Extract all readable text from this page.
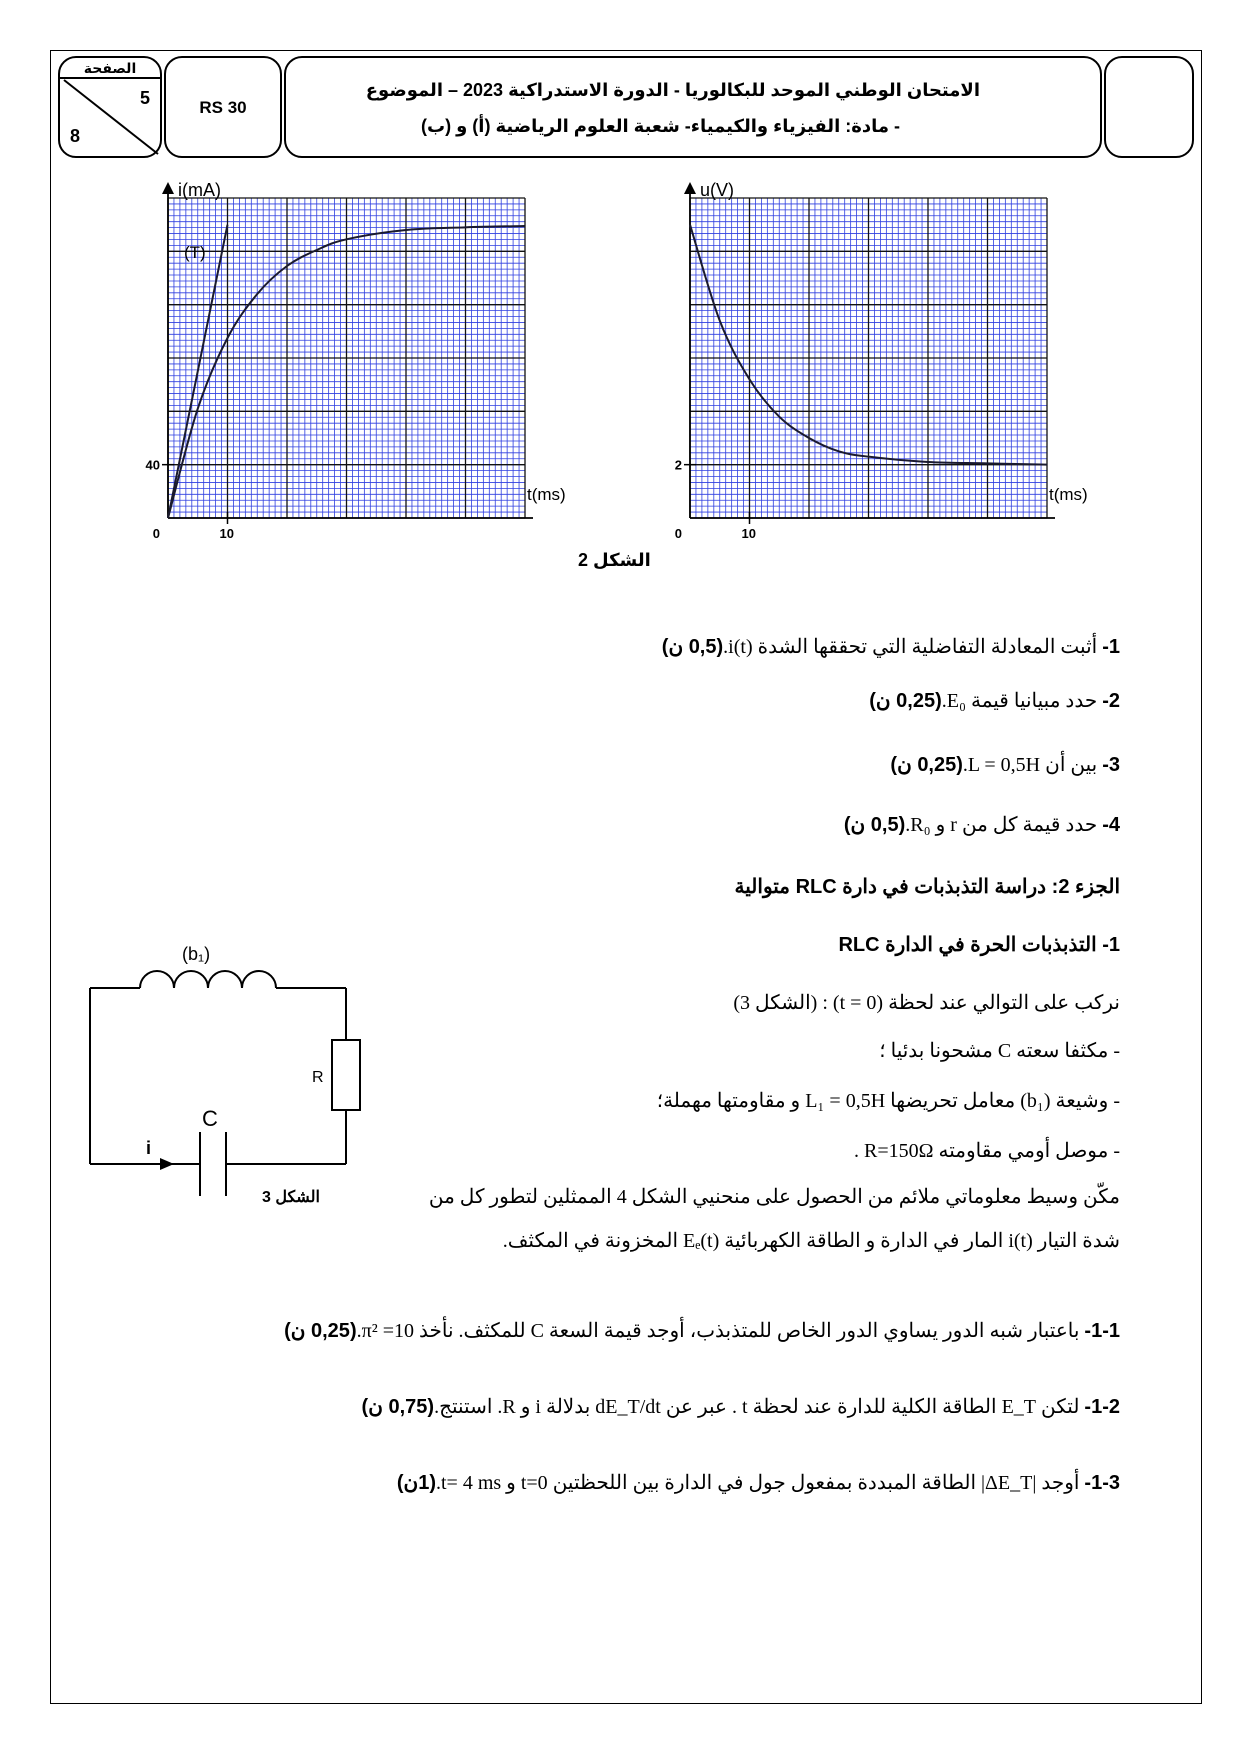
الصفحة
5
8
RS 30
الامتحان الوطني الموحد للبكالوريا - الدورة الاستدراكية 2023 – الموضوع
- مادة: الفيزياء والكيمياء- شعبة العلوم الرياضية (أ) و (ب)
i(mA)
t(ms)
0	10
40
(T)
u(V)
t(ms)
0	10
2
الشكل 2
1- أثبت المعادلة التفاضلية التي تحققها الشدة i(t).(0,5 ن)
2- حدد مبيانيا قيمة E₀.(0,25 ن)
3- بين أن L = 0,5H.(0,25 ن)
4- حدد قيمة كل من r و R₀.(0,5 ن)
الجزء 2: دراسة التذبذبات في دارة RLC متوالية
1- التذبذبات الحرة في الدارة RLC
نركب على التوالي عند لحظة (t = 0) : (الشكل 3)
- مكثفا سعته C مشحونا بدئيا ؛
- وشيعة (b₁) معامل تحريضها L₁ = 0,5H و مقاومتها مهملة؛
- موصل أومي مقاومته R=150Ω .
مكّن وسيط معلوماتي ملائم من الحصول على منحنيي الشكل 4 الممثلين لتطور كل من
شدة التيار i(t) المار في الدارة و الطاقة الكهربائية Eₑ(t) المخزونة في المكثف.
(b₁)
R
C
i
الشكل 3
1-1- باعتبار شبه الدور يساوي الدور الخاص للمتذبذب، أوجد قيمة السعة C للمكثف. نأخذ π² =10.(0,25 ن)
1-2- لتكن E_T الطاقة الكلية للدارة عند لحظة t . عبر عن dE_T/dt بدلالة i و R. استنتج.(0,75 ن)
1-3- أوجد |ΔE_T| الطاقة المبددة بمفعول جول في الدارة بين اللحظتين t=0 و t= 4 ms.(1ن)
